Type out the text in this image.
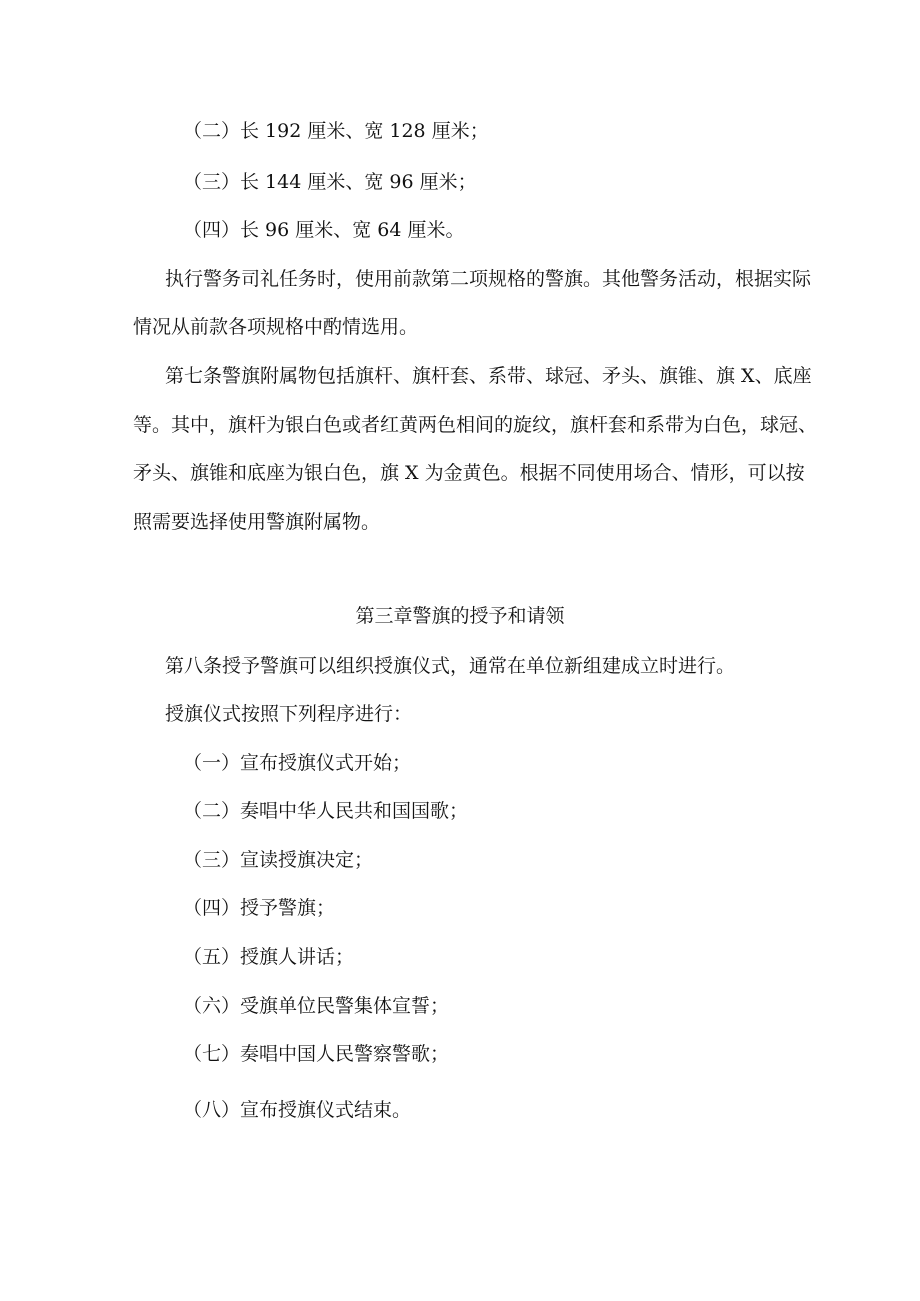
（二）长 192 厘米、宽 128 厘米；
（三）长 144 厘米、宽 96 厘米；
（四）长 96 厘米、宽 64 厘米。
执行警务司礼任务时，使用前款第二项规格的警旗。其他警务活动，根据实际
情况从前款各项规格中酌情选用。
第七条警旗附属物包括旗杆、旗杆套、系带、球冠、矛头、旗锥、旗 X、底座
等。其中，旗杆为银白色或者红黄两色相间的旋纹，旗杆套和系带为白色，球冠、
矛头、旗锥和底座为银白色，旗 X 为金黄色。根据不同使用场合、情形，可以按
照需要选择使用警旗附属物。
第三章警旗的授予和请领
第八条授予警旗可以组织授旗仪式，通常在单位新组建成立时进行。
授旗仪式按照下列程序进行：
（一）宣布授旗仪式开始；
（二）奏唱中华人民共和国国歌；
（三）宣读授旗决定；
（四）授予警旗；
（五）授旗人讲话；
（六）受旗单位民警集体宣誓；
（七）奏唱中国人民警察警歌；
（八）宣布授旗仪式结束。
